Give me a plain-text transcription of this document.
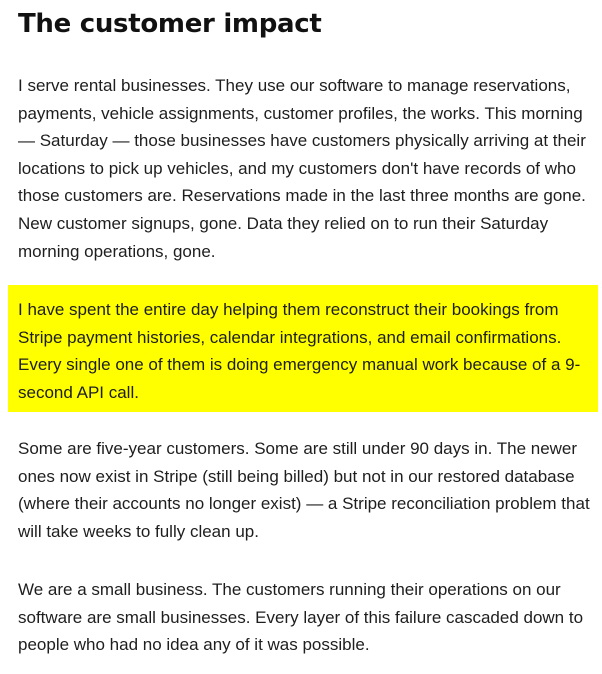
The customer impact

I serve rental businesses. They use our software to manage reservations, payments, vehicle assignments, customer profiles, the works. This morning — Saturday — those businesses have customers physically arriving at their locations to pick up vehicles, and my customers don't have records of who those customers are. Reservations made in the last three months are gone. New customer signups, gone. Data they relied on to run their Saturday morning operations, gone.

I have spent the entire day helping them reconstruct their bookings from Stripe payment histories, calendar integrations, and email confirmations. Every single one of them is doing emergency manual work because of a 9-second API call.

Some are five-year customers. Some are still under 90 days in. The newer ones now exist in Stripe (still being billed) but not in our restored database (where their accounts no longer exist) — a Stripe reconciliation problem that will take weeks to fully clean up.

We are a small business. The customers running their operations on our software are small businesses. Every layer of this failure cascaded down to people who had no idea any of it was possible.
